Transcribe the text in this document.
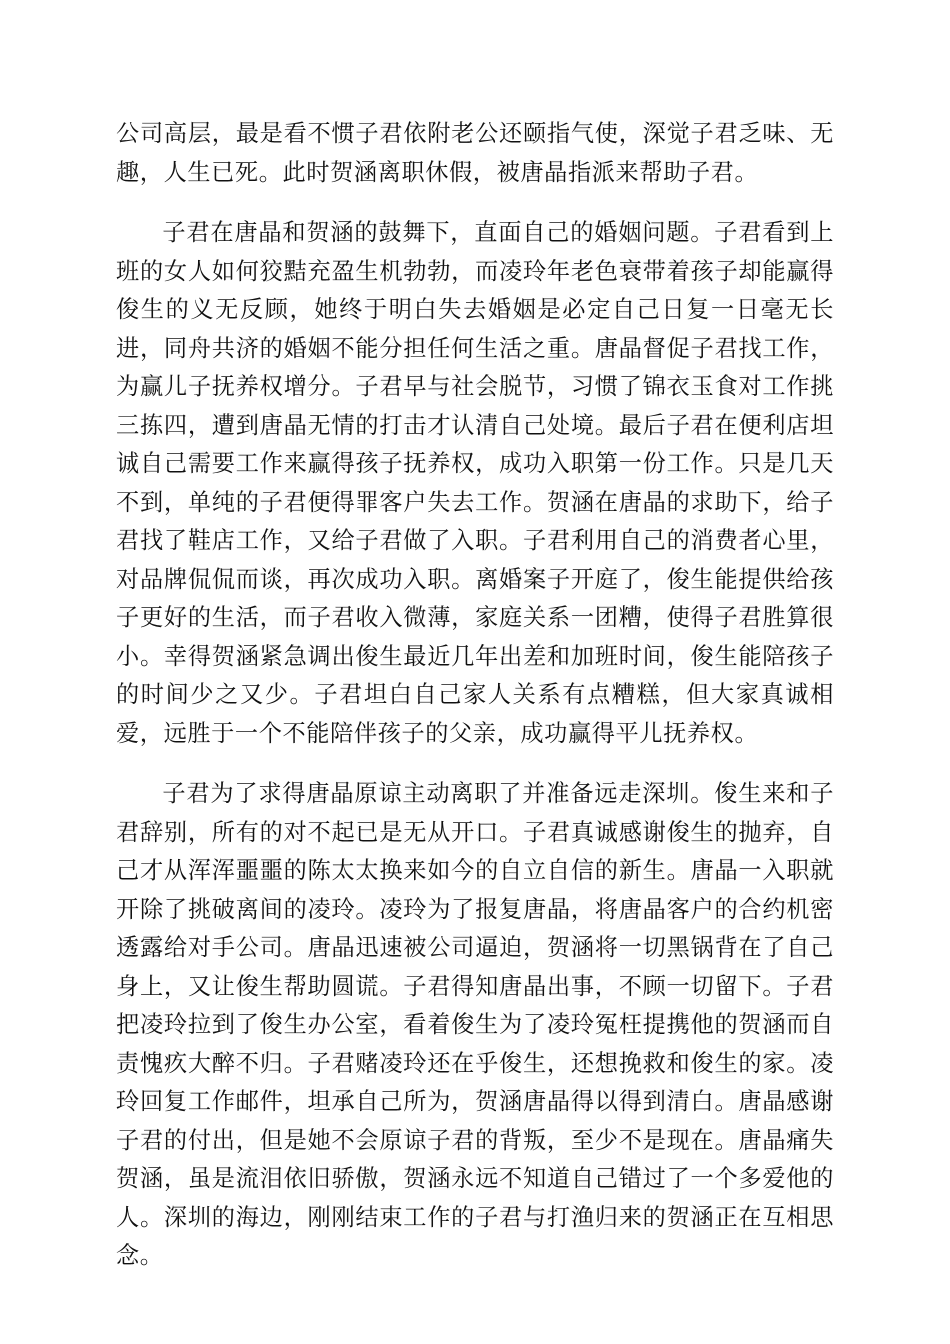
公司高层，最是看不惯子君依附老公还颐指气使，深觉子君乏味、无趣，人生已死。此时贺涵离职休假，被唐晶指派来帮助子君。

子君在唐晶和贺涵的鼓舞下，直面自己的婚姻问题。子君看到上班的女人如何狡黠充盈生机勃勃，而凌玲年老色衰带着孩子却能赢得俊生的义无反顾，她终于明白失去婚姻是必定自己日复一日毫无长进，同舟共济的婚姻不能分担任何生活之重。唐晶督促子君找工作，为赢儿子抚养权增分。子君早与社会脱节，习惯了锦衣玉食对工作挑三拣四，遭到唐晶无情的打击才认清自己处境。最后子君在便利店坦诚自己需要工作来赢得孩子抚养权，成功入职第一份工作。只是几天不到，单纯的子君便得罪客户失去工作。贺涵在唐晶的求助下，给子君找了鞋店工作，又给子君做了入职。子君利用自己的消费者心里，对品牌侃侃而谈，再次成功入职。离婚案子开庭了，俊生能提供给孩子更好的生活，而子君收入微薄，家庭关系一团糟，使得子君胜算很小。幸得贺涵紧急调出俊生最近几年出差和加班时间，俊生能陪孩子的时间少之又少。子君坦白自己家人关系有点糟糕，但大家真诚相爱，远胜于一个不能陪伴孩子的父亲，成功赢得平儿抚养权。

子君为了求得唐晶原谅主动离职了并准备远走深圳。俊生来和子君辞别，所有的对不起已是无从开口。子君真诚感谢俊生的抛弃，自己才从浑浑噩噩的陈太太换来如今的自立自信的新生。唐晶一入职就开除了挑破离间的凌玲。凌玲为了报复唐晶，将唐晶客户的合约机密透露给对手公司。唐晶迅速被公司逼迫，贺涵将一切黑锅背在了自己身上，又让俊生帮助圆谎。子君得知唐晶出事，不顾一切留下。子君把凌玲拉到了俊生办公室，看着俊生为了凌玲冤枉提携他的贺涵而自责愧疚大醉不归。子君赌凌玲还在乎俊生，还想挽救和俊生的家。凌玲回复工作邮件，坦承自己所为，贺涵唐晶得以得到清白。唐晶感谢子君的付出，但是她不会原谅子君的背叛，至少不是现在。唐晶痛失贺涵，虽是流泪依旧骄傲，贺涵永远不知道自己错过了一个多爱他的人。深圳的海边，刚刚结束工作的子君与打渔归来的贺涵正在互相思念。
